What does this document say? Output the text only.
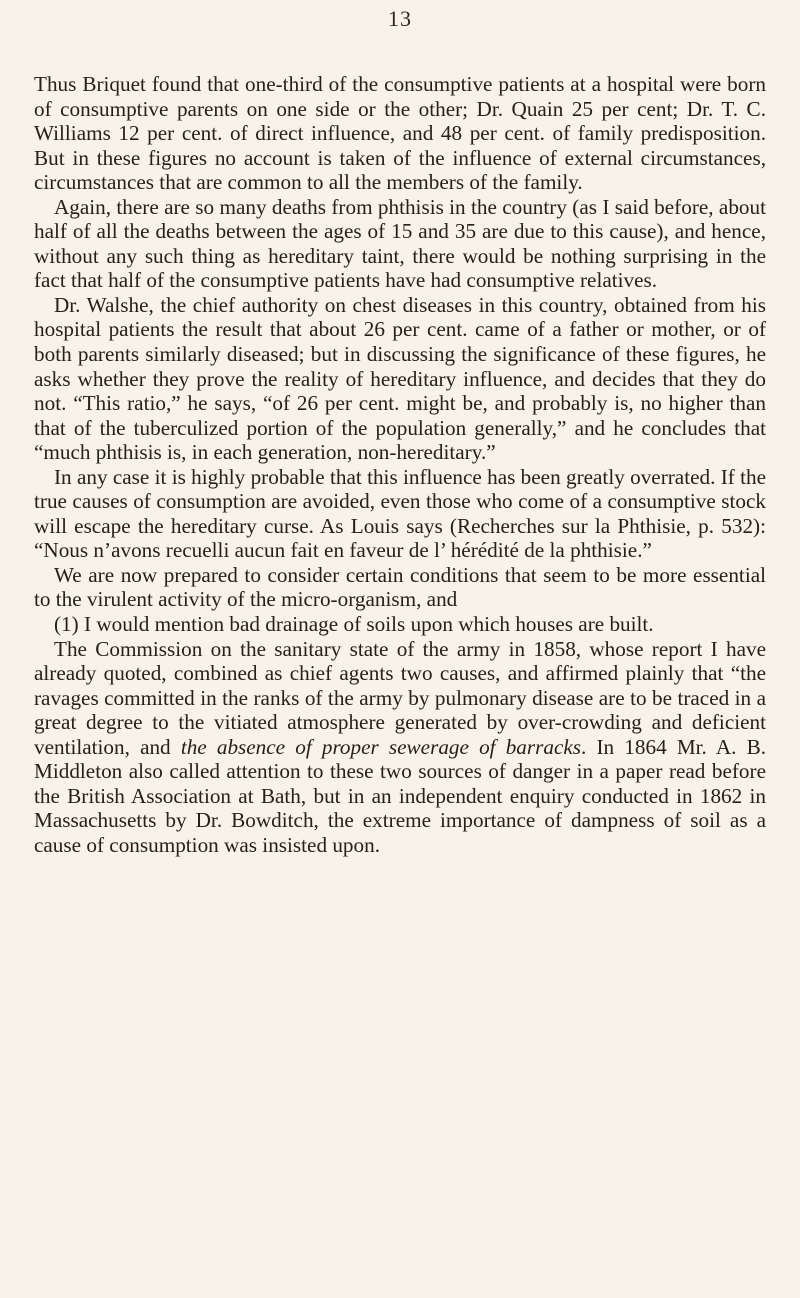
13

Thus Briquet found that one-third of the consumptive patients at a hospital were born of consumptive parents on one side or the other; Dr. Quain 25 per cent; Dr. T. C. Williams 12 per cent. of direct influence, and 48 per cent. of family predisposition. But in these figures no account is taken of the influence of external circumstances, circumstances that are common to all the members of the family.

Again, there are so many deaths from phthisis in the country (as I said before, about half of all the deaths between the ages of 15 and 35 are due to this cause), and hence, without any such thing as hereditary taint, there would be nothing surprising in the fact that half of the consumptive patients have had consumptive relatives.

Dr. Walshe, the chief authority on chest diseases in this country, obtained from his hospital patients the result that about 26 per cent. came of a father or mother, or of both parents similarly diseased; but in discussing the significance of these figures, he asks whether they prove the reality of hereditary influence, and decides that they do not. “This ratio,” he says, “of 26 per cent. might be, and probably is, no higher than that of the tuberculized portion of the population generally,” and he concludes that “much phthisis is, in each generation, non-hereditary.”

In any case it is highly probable that this influence has been greatly overrated. If the true causes of consumption are avoided, even those who come of a consumptive stock will escape the hereditary curse. As Louis says (Recherches sur la Phthisie, p. 532): “Nous n’avons recuelli aucun fait en faveur de l’ hérédité de la phthisie.”

We are now prepared to consider certain conditions that seem to be more essential to the virulent activity of the micro-organism, and

(1) I would mention bad drainage of soils upon which houses are built.

The Commission on the sanitary state of the army in 1858, whose report I have already quoted, combined as chief agents two causes, and affirmed plainly that “the ravages committed in the ranks of the army by pulmonary disease are to be traced in a great degree to the vitiated atmosphere generated by over-crowding and deficient ventilation, and the absence of proper sewerage of barracks. In 1864 Mr. A. B. Middleton also called attention to these two sources of danger in a paper read before the British Association at Bath, but in an independent enquiry conducted in 1862 in Massachusetts by Dr. Bowditch, the extreme importance of dampness of soil as a cause of consumption was insisted upon.
